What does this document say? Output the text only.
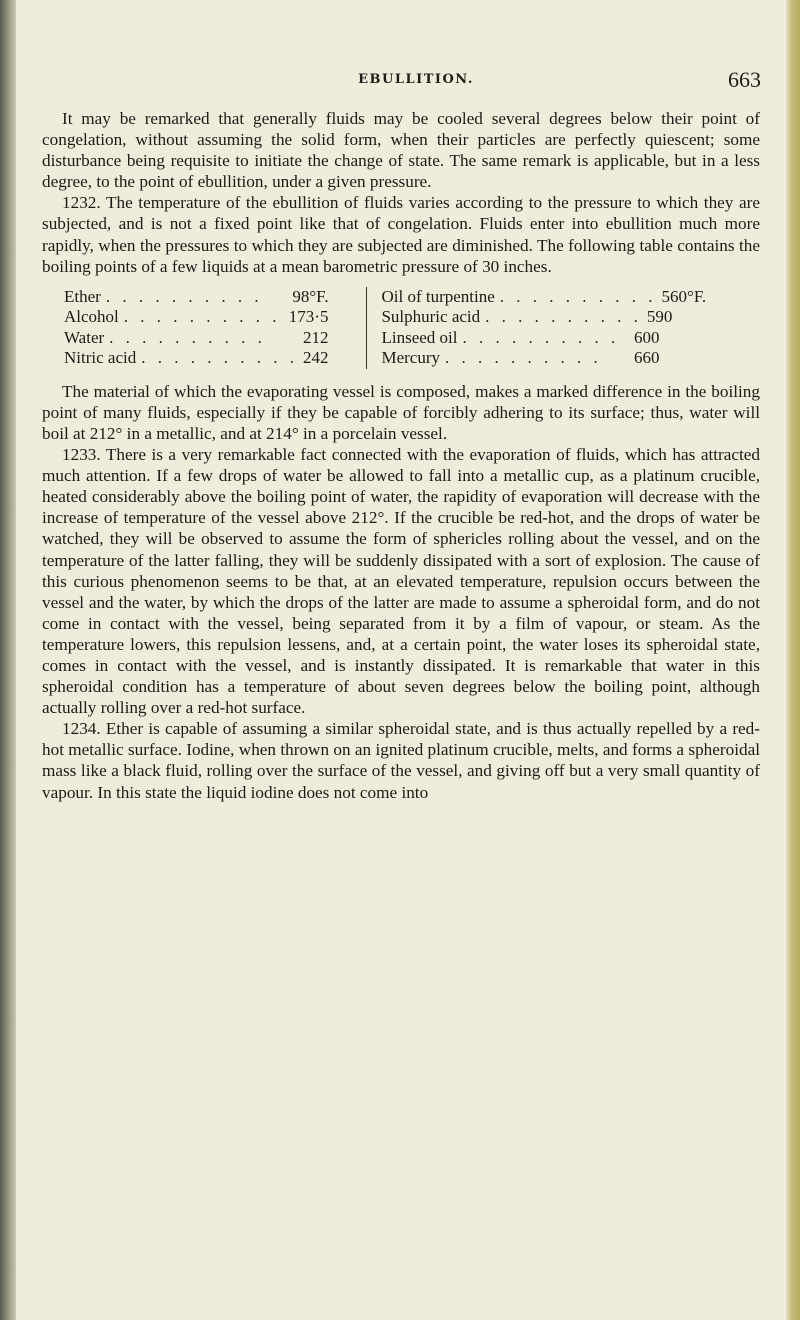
EBULLITION.	663

It may be remarked that generally fluids may be cooled several degrees below their point of congelation, without assuming the solid form, when their particles are perfectly quiescent; some disturbance being requisite to initiate the change of state. The same remark is applicable, but in a less degree, to the point of ebullition, under a given pressure.

1232. The temperature of the ebullition of fluids varies according to the pressure to which they are subjected, and is not a fixed point like that of congelation. Fluids enter into ebullition much more rapidly, when the pressures to which they are subjected are diminished. The following table contains the boiling points of a few liquids at a mean barometric pressure of 30 inches.

Ether . . . . . . . . . .	98°F.
Alcohol . . . . . . . . . . 173·5
Water . . . . . . . . . .	212
Nitric acid . . . . . . . . . . 242
Oil of turpentine . . . . . . . . . . 560°F.
Sulphuric acid . . . . . . . . . . 590
Linseed oil . . . . . . . . . . 600
Mercury . . . . . . . . . .	660

The material of which the evaporating vessel is composed, makes a marked difference in the boiling point of many fluids, especially if they be capable of forcibly adhering to its surface; thus, water will boil at 212° in a metallic, and at 214° in a porcelain vessel.

1233. There is a very remarkable fact connected with the evaporation of fluids, which has attracted much attention. If a few drops of water be allowed to fall into a metallic cup, as a platinum crucible, heated considerably above the boiling point of water, the rapidity of evaporation will decrease with the increase of temperature of the vessel above 212°. If the crucible be red-hot, and the drops of water be watched, they will be observed to assume the form of sphericles rolling about the vessel, and on the temperature of the latter falling, they will be suddenly dissipated with a sort of explosion. The cause of this curious phenomenon seems to be that, at an elevated temperature, repulsion occurs between the vessel and the water, by which the drops of the latter are made to assume a spheroidal form, and do not come in contact with the vessel, being separated from it by a film of vapour, or steam. As the temperature lowers, this repulsion lessens, and, at a certain point, the water loses its spheroidal state, comes in contact with the vessel, and is instantly dissipated. It is remarkable that water in this spheroidal condition has a temperature of about seven degrees below the boiling point, although actually rolling over a red-hot surface.

1234. Ether is capable of assuming a similar spheroidal state, and is thus actually repelled by a red-hot metallic surface. Iodine, when thrown on an ignited platinum crucible, melts, and forms a spheroidal mass like a black fluid, rolling over the surface of the vessel, and giving off but a very small quantity of vapour. In this state the liquid iodine does not come into
